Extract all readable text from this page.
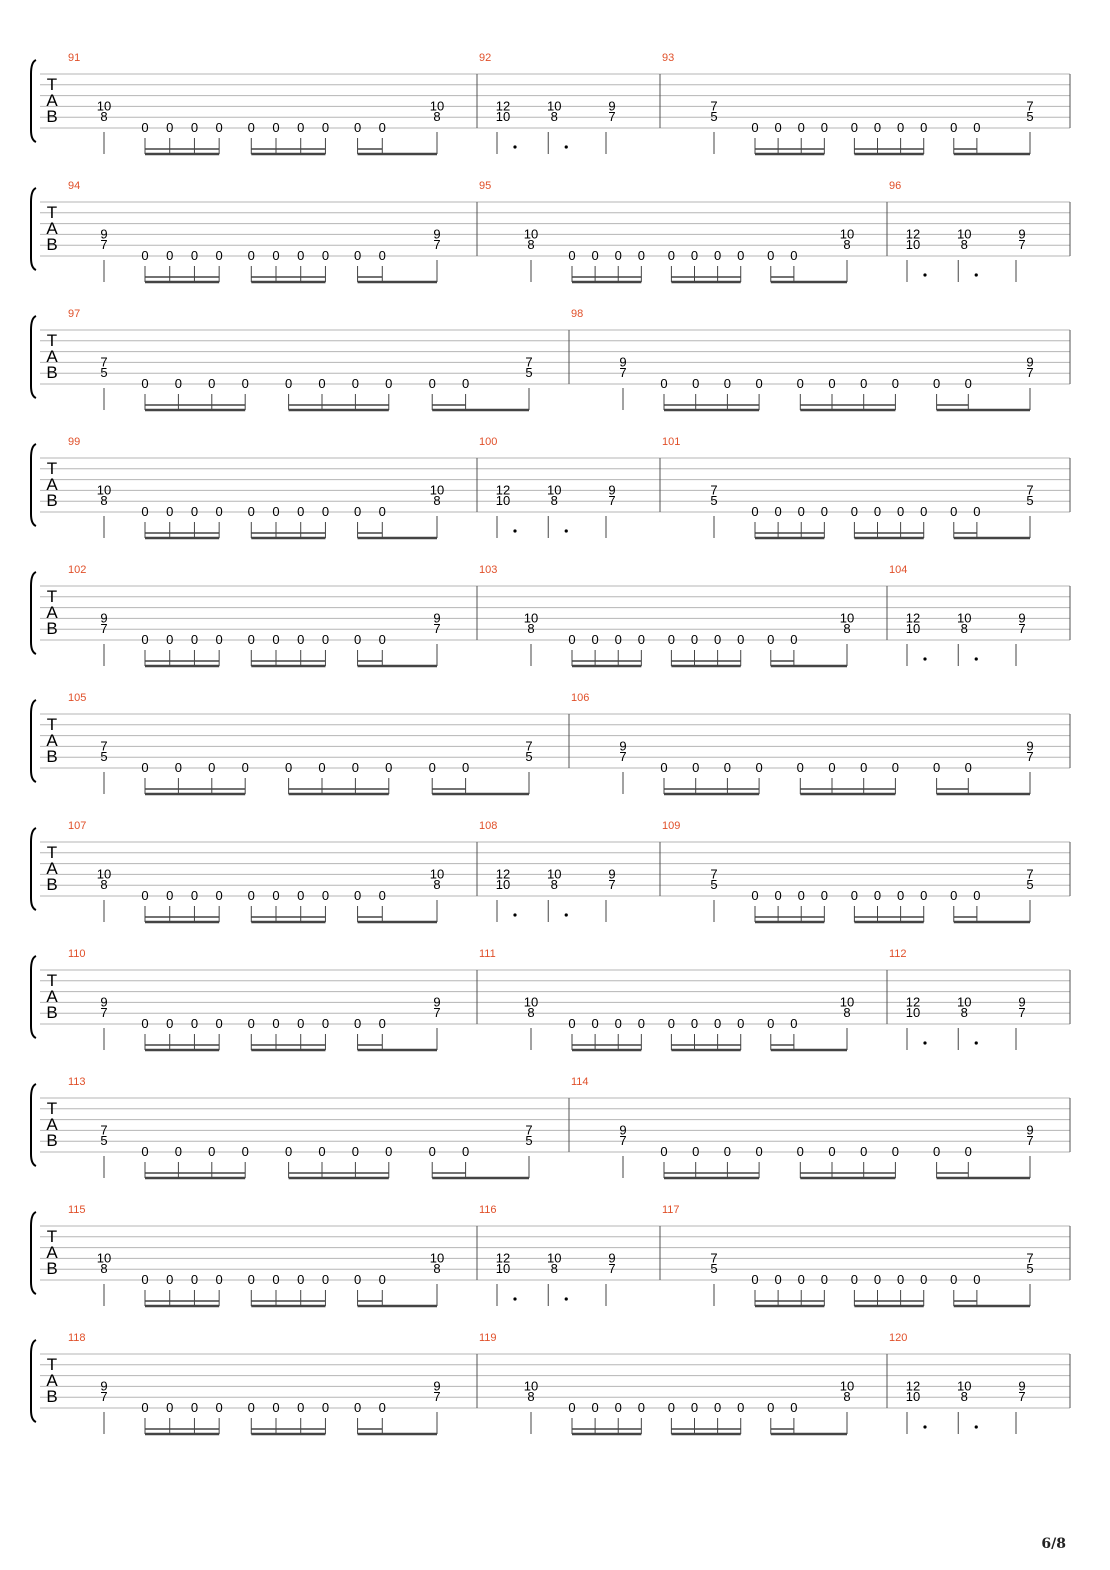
T
A
B
91
10
8
10
8
0 0 0 0 0 0 0 0 0 0
92
12
10
10
8
9
7
93
7
5
7
5
0 0 0 0 0 0 0 0 0 0
T
A
B
94
9
7
9
7
0 0 0 0 0 0 0 0 0 0
95
10
8
10
8
0 0 0 0 0 0 0 0 0 0
96
12
10
10
8
9
7
T
A
B
97
7
5
7
5
0 0 0 0	0 0 0 0	0 0
98
9
7
9
7
0 0 0 0	0 0 0 0	0 0
T
A
B
99
10
8
10
8
0 0 0 0 0 0 0 0 0 0
100
12
10
10
8
9
7
101
7
5
7
5
0 0 0 0 0 0 0 0 0 0
T
A
B
102
9
7
9
7
0 0 0 0 0 0 0 0 0 0
103
10
8
10
8
0 0 0 0 0 0 0 0 0 0
104
12
10
10
8
9
7
T
A
B
105
7
5
7
5
0 0 0 0	0 0 0 0	0 0
106
9
7
9
7
0 0 0 0	0 0 0 0	0 0
T
A
B
107
10
8
10
8
0 0 0 0 0 0 0 0 0 0
108
12
10
10
8
9
7
109
7
5
7
5
0 0 0 0 0 0 0 0 0 0
T
A
B
110
9
7
9
7
0 0 0 0 0 0 0 0 0 0
111
10
8
10
8
0 0 0 0 0 0 0 0 0 0
112
12
10
10
8
9
7
T
A
B
113
7
5
7
5
0 0 0 0	0 0 0 0	0 0
114
9
7
9
7
0 0 0 0	0 0 0 0	0 0
T
A
B
115
10
8
10
8
0 0 0 0 0 0 0 0 0 0
116
12
10
10
8
9
7
117
7
5
7
5
0 0 0 0 0 0 0 0 0 0
T
A
B
118
9
7
9
7
0 0 0 0 0 0 0 0 0 0
119
10
8
10
8
0 0 0 0 0 0 0 0 0 0
120
12
10
10
8
9
7
6/8
